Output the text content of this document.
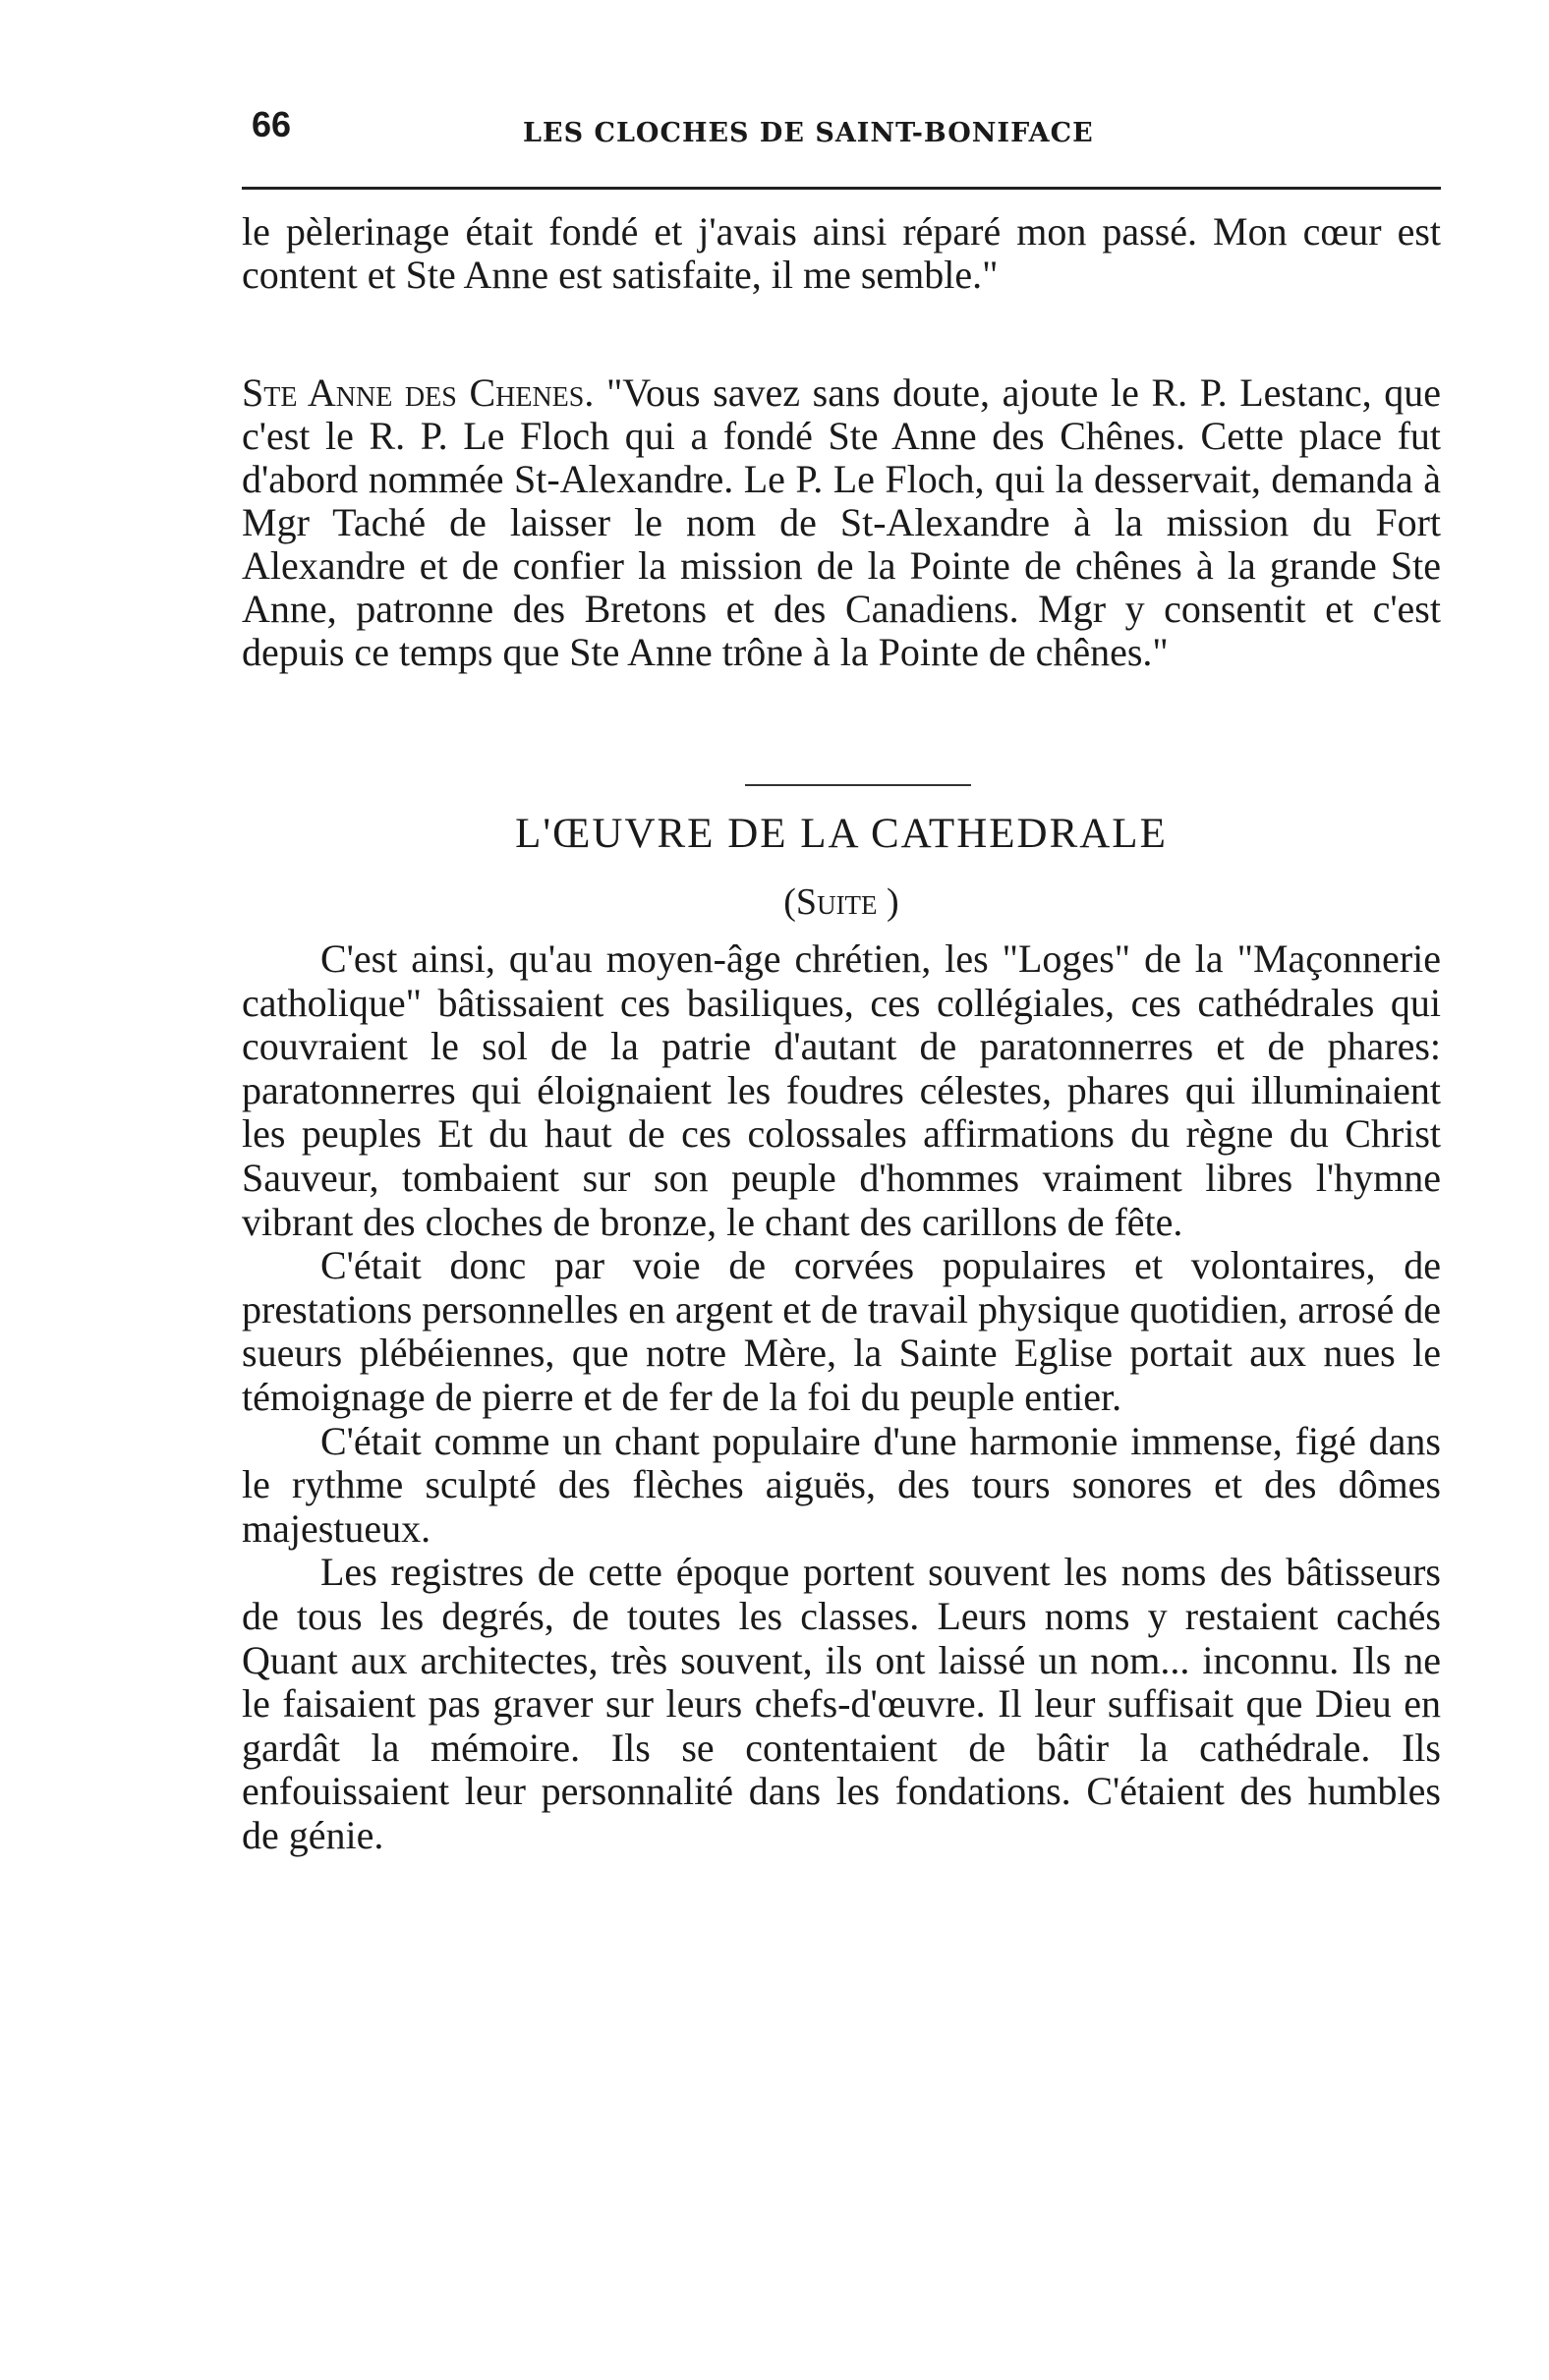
66	LES CLOCHES DE SAINT-BONIFACE
le pèlerinage était fondé et j'avais ainsi réparé mon passé. Mon cœur est content et Ste Anne est satisfaite, il me semble."
Ste Anne des Chenes. "Vous savez sans doute, ajoute le R. P. Lestanc, que c'est le R. P. Le Floch qui a fondé Ste Anne des Chênes. Cette place fut d'abord nommée St-Alexandre. Le P. Le Floch, qui la desservait, demanda à Mgr Taché de laisser le nom de St-Alexandre à la mission du Fort Alexandre et de confier la mission de la Pointe de chênes à la grande Ste Anne, patronne des Bretons et des Canadiens. Mgr y consentit et c'est depuis ce temps que Ste Anne trône à la Pointe de chênes."
L'ŒUVRE DE LA CATHEDRALE
(Suite )

C'est ainsi, qu'au moyen-âge chrétien, les "Loges" de la "Maçonnerie catholique" bâtissaient ces basiliques, ces collégiales, ces cathédrales qui couvraient le sol de la patrie d'autant de paratonnerres et de phares: paratonnerres qui éloignaient les foudres célestes, phares qui illuminaient les peuples Et du haut de ces colossales affirmations du règne du Christ Sauveur, tombaient sur son peuple d'hommes vraiment libres l'hymne vibrant des cloches de bronze, le chant des carillons de fête.

C'était donc par voie de corvées populaires et volontaires, de prestations personnelles en argent et de travail physique quotidien, arrosé de sueurs plébéiennes, que notre Mère, la Sainte Eglise portait aux nues le témoignage de pierre et de fer de la foi du peuple entier.

C'était comme un chant populaire d'une harmonie immense, figé dans le rythme sculpté des flèches aiguës, des tours sonores et des dômes majestueux.

Les registres de cette époque portent souvent les noms des bâtisseurs de tous les degrés, de toutes les classes. Leurs noms y restaient cachés Quant aux architectes, très souvent, ils ont laissé un nom... inconnu. Ils ne le faisaient pas graver sur leurs chefs-d'œuvre. Il leur suffisait que Dieu en gardât la mémoire. Ils se contentaient de bâtir la cathédrale. Ils enfouissaient leur personnalité dans les fondations. C'étaient des humbles de génie.
